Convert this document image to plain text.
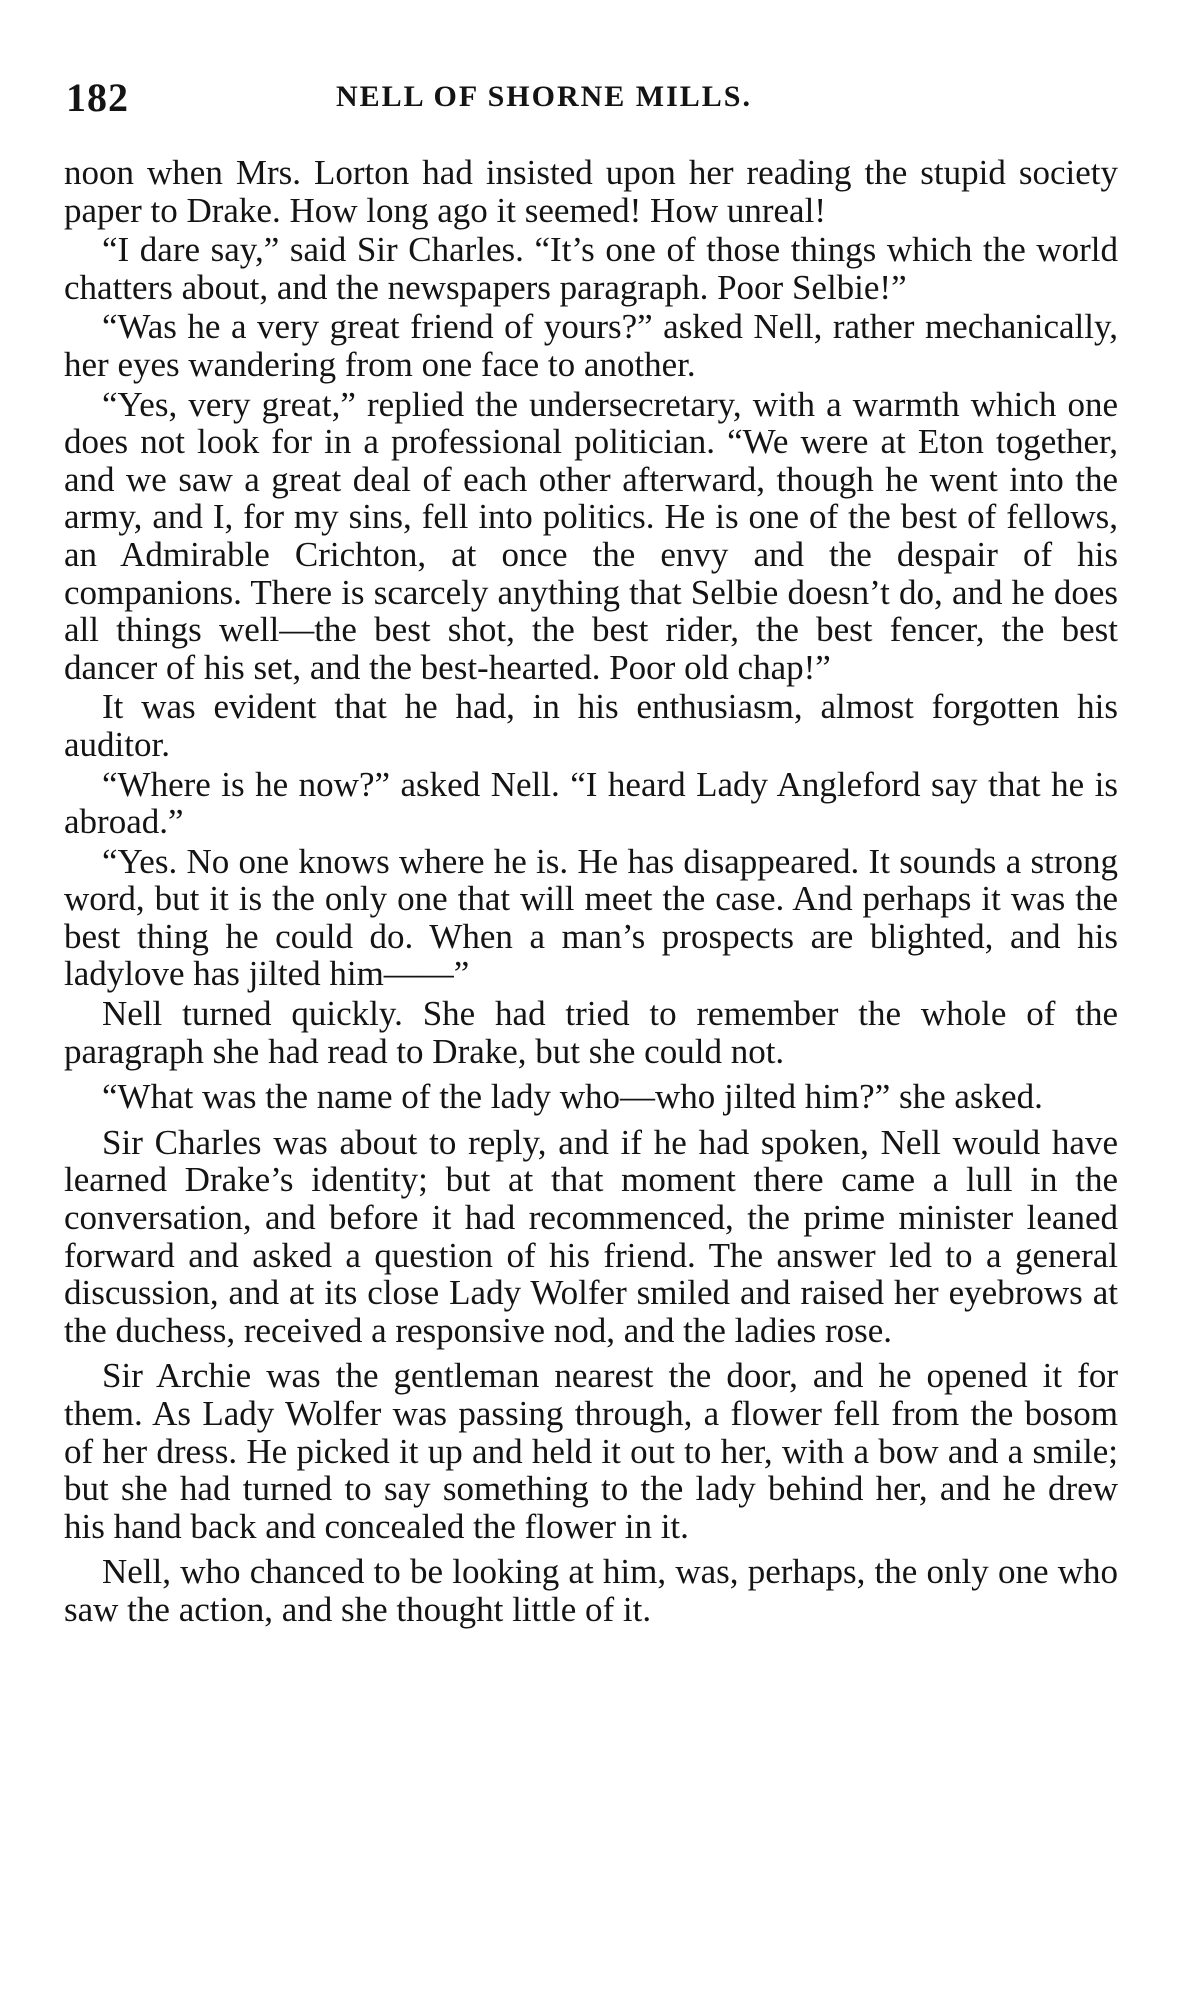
182	NELL OF SHORNE MILLS.

noon when Mrs. Lorton had insisted upon her reading the stupid society paper to Drake. How long ago it seemed! How unreal!

“I dare say,” said Sir Charles. “It’s one of those things which the world chatters about, and the newspapers paragraph. Poor Selbie!”

“Was he a very great friend of yours?” asked Nell, rather mechanically, her eyes wandering from one face to another.

“Yes, very great,” replied the undersecretary, with a warmth which one does not look for in a professional politician. “We were at Eton together, and we saw a great deal of each other afterward, though he went into the army, and I, for my sins, fell into politics. He is one of the best of fellows, an Admirable Crichton, at once the envy and the despair of his companions. There is scarcely anything that Selbie doesn’t do, and he does all things well—the best shot, the best rider, the best fencer, the best dancer of his set, and the best-hearted. Poor old chap!”

It was evident that he had, in his enthusiasm, almost forgotten his auditor.

“Where is he now?” asked Nell. “I heard Lady Angleford say that he is abroad.”

“Yes. No one knows where he is. He has disappeared. It sounds a strong word, but it is the only one that will meet the case. And perhaps it was the best thing he could do. When a man’s prospects are blighted, and his ladylove has jilted him——”

Nell turned quickly. She had tried to remember the whole of the paragraph she had read to Drake, but she could not.

“What was the name of the lady who—who jilted him?” she asked.

Sir Charles was about to reply, and if he had spoken, Nell would have learned Drake’s identity; but at that moment there came a lull in the conversation, and before it had recommenced, the prime minister leaned forward and asked a question of his friend. The answer led to a general discussion, and at its close Lady Wolfer smiled and raised her eyebrows at the duchess, received a responsive nod, and the ladies rose.

Sir Archie was the gentleman nearest the door, and he opened it for them. As Lady Wolfer was passing through, a flower fell from the bosom of her dress. He picked it up and held it out to her, with a bow and a smile; but she had turned to say something to the lady behind her, and he drew his hand back and concealed the flower in it.

Nell, who chanced to be looking at him, was, perhaps, the only one who saw the action, and she thought little of it.
